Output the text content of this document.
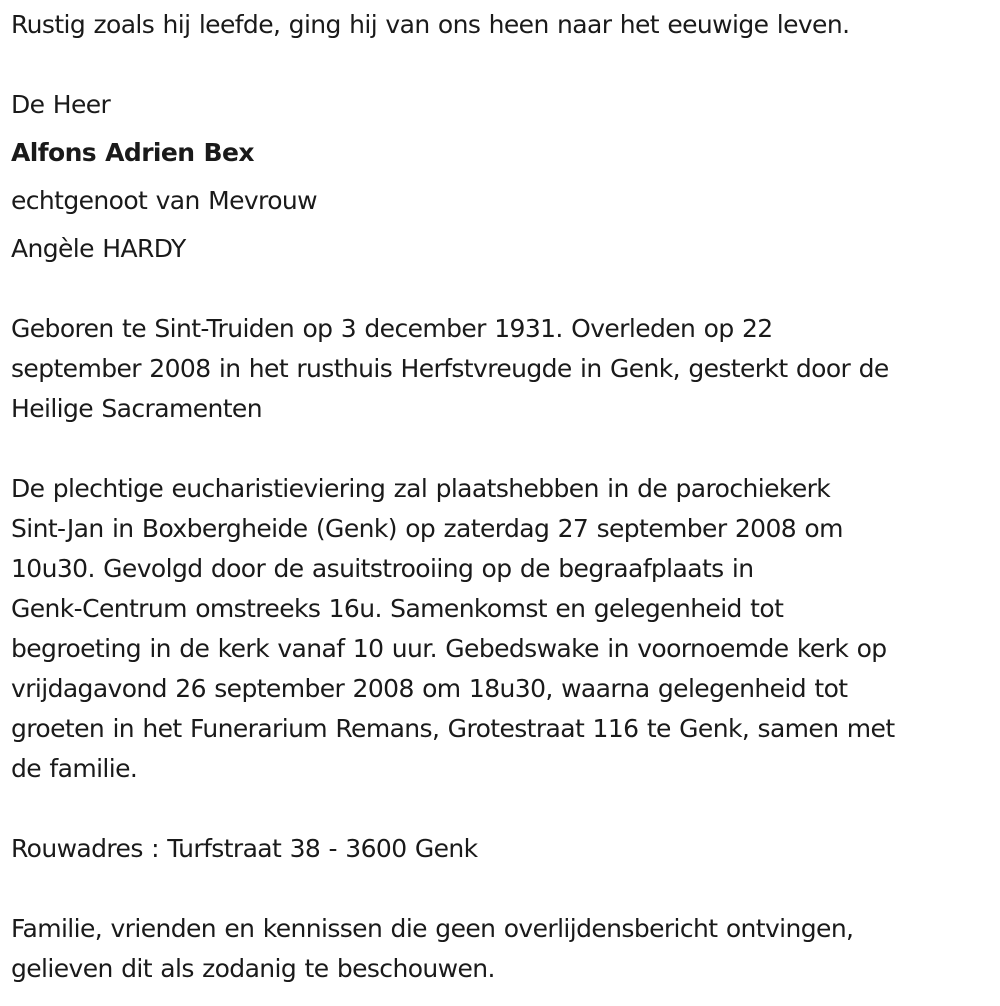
Rustig zoals hij leefde, ging hij van ons heen naar het eeuwige leven.
De Heer
Alfons Adrien Bex
echtgenoot van Mevrouw
Angèle HARDY
Geboren te Sint-Truiden op 3 december 1931. Overleden op 22
september 2008 in het rusthuis Herfstvreugde in Genk, gesterkt door de
Heilige Sacramenten
De plechtige eucharistieviering zal plaatshebben in de parochiekerk
Sint-Jan in Boxbergheide (Genk) op zaterdag 27 september 2008 om
10u30. Gevolgd door de asuitstrooiing op de begraafplaats in
Genk-Centrum omstreeks 16u. Samenkomst en gelegenheid tot
begroeting in de kerk vanaf 10 uur. Gebedswake in voornoemde kerk op
vrijdagavond 26 september 2008 om 18u30, waarna gelegenheid tot
groeten in het Funerarium Remans, Grotestraat 116 te Genk, samen met
de familie.
Rouwadres : Turfstraat 38 - 3600 Genk
Familie, vrienden en kennissen die geen overlijdensbericht ontvingen,
gelieven dit als zodanig te beschouwen.
